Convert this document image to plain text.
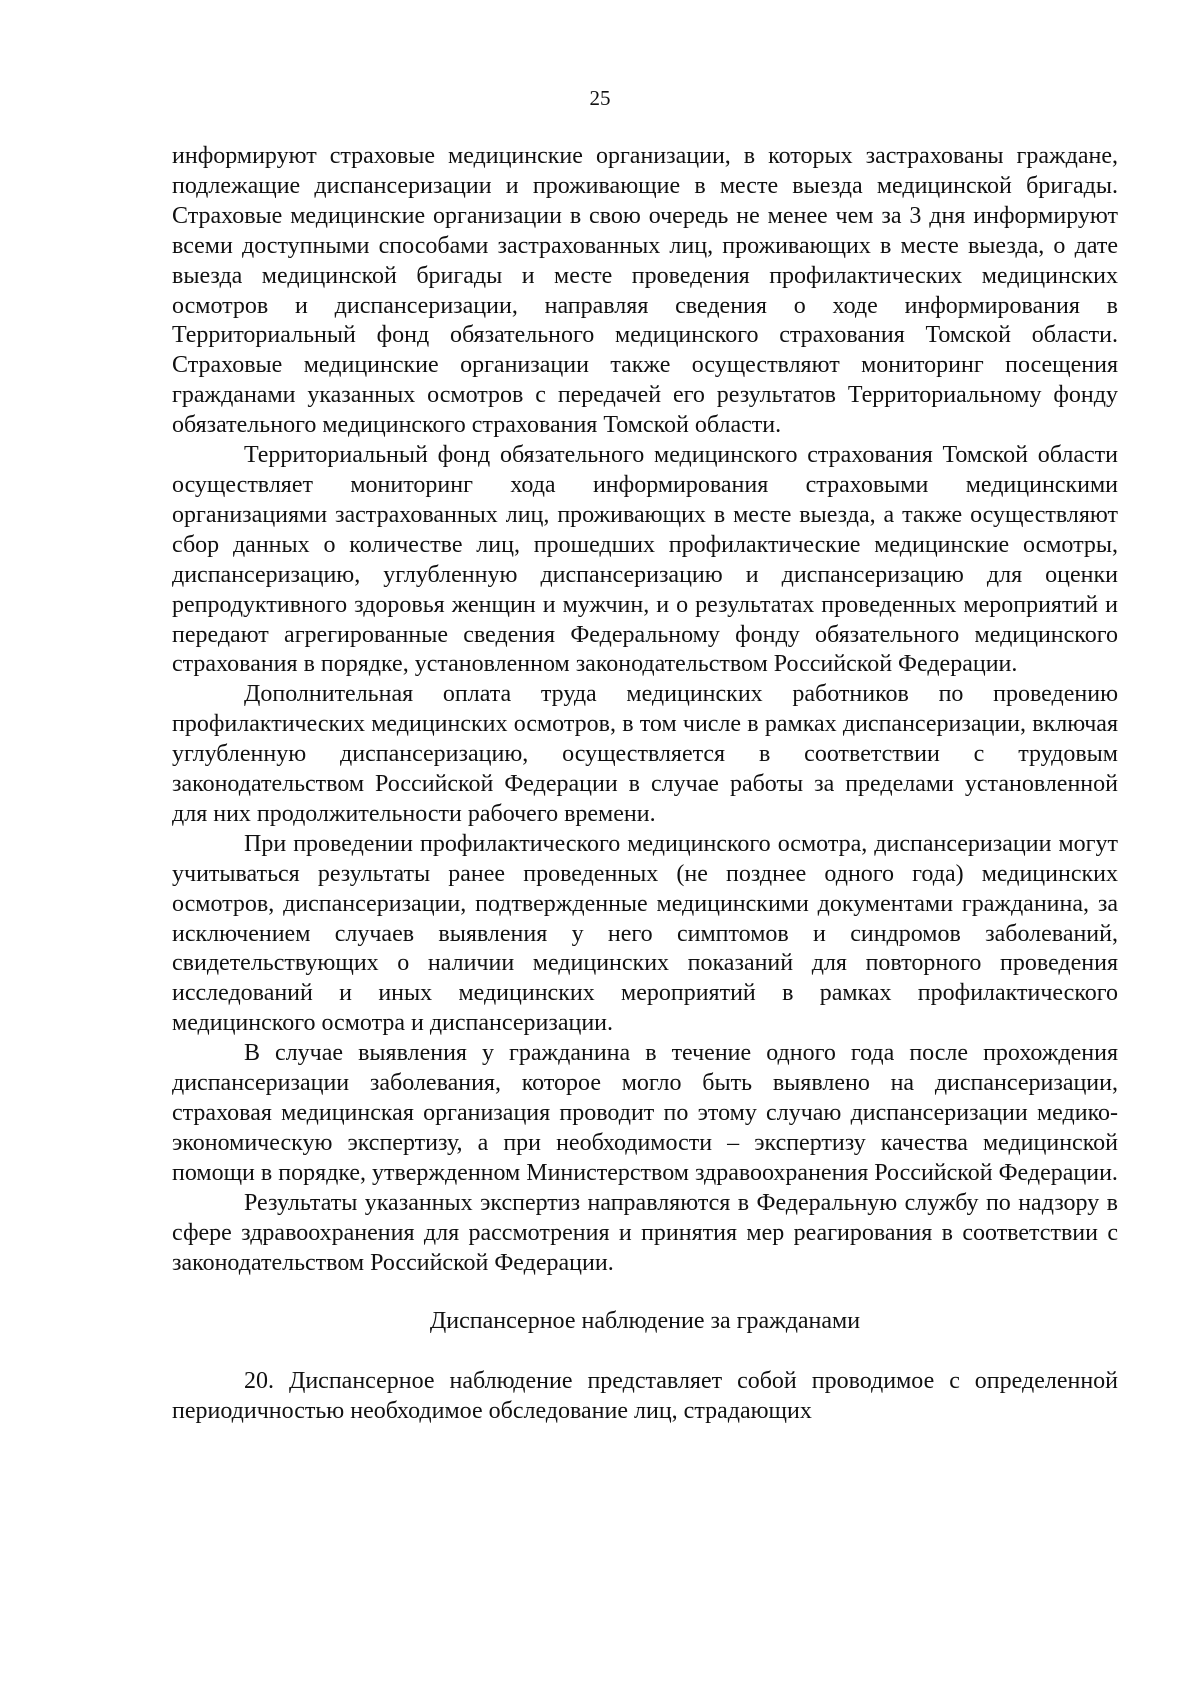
25

информируют страховые медицинские организации, в которых застрахованы граждане, подлежащие диспансеризации и проживающие в месте выезда медицинской бригады. Страховые медицинские организации в свою очередь не менее чем за 3 дня информируют всеми доступными способами застрахованных лиц, проживающих в месте выезда, о дате выезда медицинской бригады и месте проведения профилактических медицинских осмотров и диспансеризации, направляя сведения о ходе информирования в Территориальный фонд обязательного медицинского страхования Томской области. Страховые медицинские организации также осуществляют мониторинг посещения гражданами указанных осмотров с передачей его результатов Территориальному фонду обязательного медицинского страхования Томской области.

Территориальный фонд обязательного медицинского страхования Томской области осуществляет мониторинг хода информирования страховыми медицинскими организациями застрахованных лиц, проживающих в месте выезда, а также осуществляют сбор данных о количестве лиц, прошедших профилактические медицинские осмотры, диспансеризацию, углубленную диспансеризацию и диспансеризацию для оценки репродуктивного здоровья женщин и мужчин, и о результатах проведенных мероприятий и передают агрегированные сведения Федеральному фонду обязательного медицинского страхования в порядке, установленном законодательством Российской Федерации.

Дополнительная оплата труда медицинских работников по проведению профилактических медицинских осмотров, в том числе в рамках диспансеризации, включая углубленную диспансеризацию, осуществляется в соответствии с трудовым законодательством Российской Федерации в случае работы за пределами установленной для них продолжительности рабочего времени.

При проведении профилактического медицинского осмотра, диспансеризации могут учитываться результаты ранее проведенных (не позднее одного года) медицинских осмотров, диспансеризации, подтвержденные медицинскими документами гражданина, за исключением случаев выявления у него симптомов и синдромов заболеваний, свидетельствующих о наличии медицинских показаний для повторного проведения исследований и иных медицинских мероприятий в рамках профилактического медицинского осмотра и диспансеризации.

В случае выявления у гражданина в течение одного года после прохождения диспансеризации заболевания, которое могло быть выявлено на диспансеризации, страховая медицинская организация проводит по этому случаю диспансеризации медико-экономическую экспертизу, а при необходимости – экспертизу качества медицинской помощи в порядке, утвержденном Министерством здравоохранения Российской Федерации.

Результаты указанных экспертиз направляются в Федеральную службу по надзору в сфере здравоохранения для рассмотрения и принятия мер реагирования в соответствии с законодательством Российской Федерации.

Диспансерное наблюдение за гражданами

20. Диспансерное наблюдение представляет собой проводимое с определенной периодичностью необходимое обследование лиц, страдающих
